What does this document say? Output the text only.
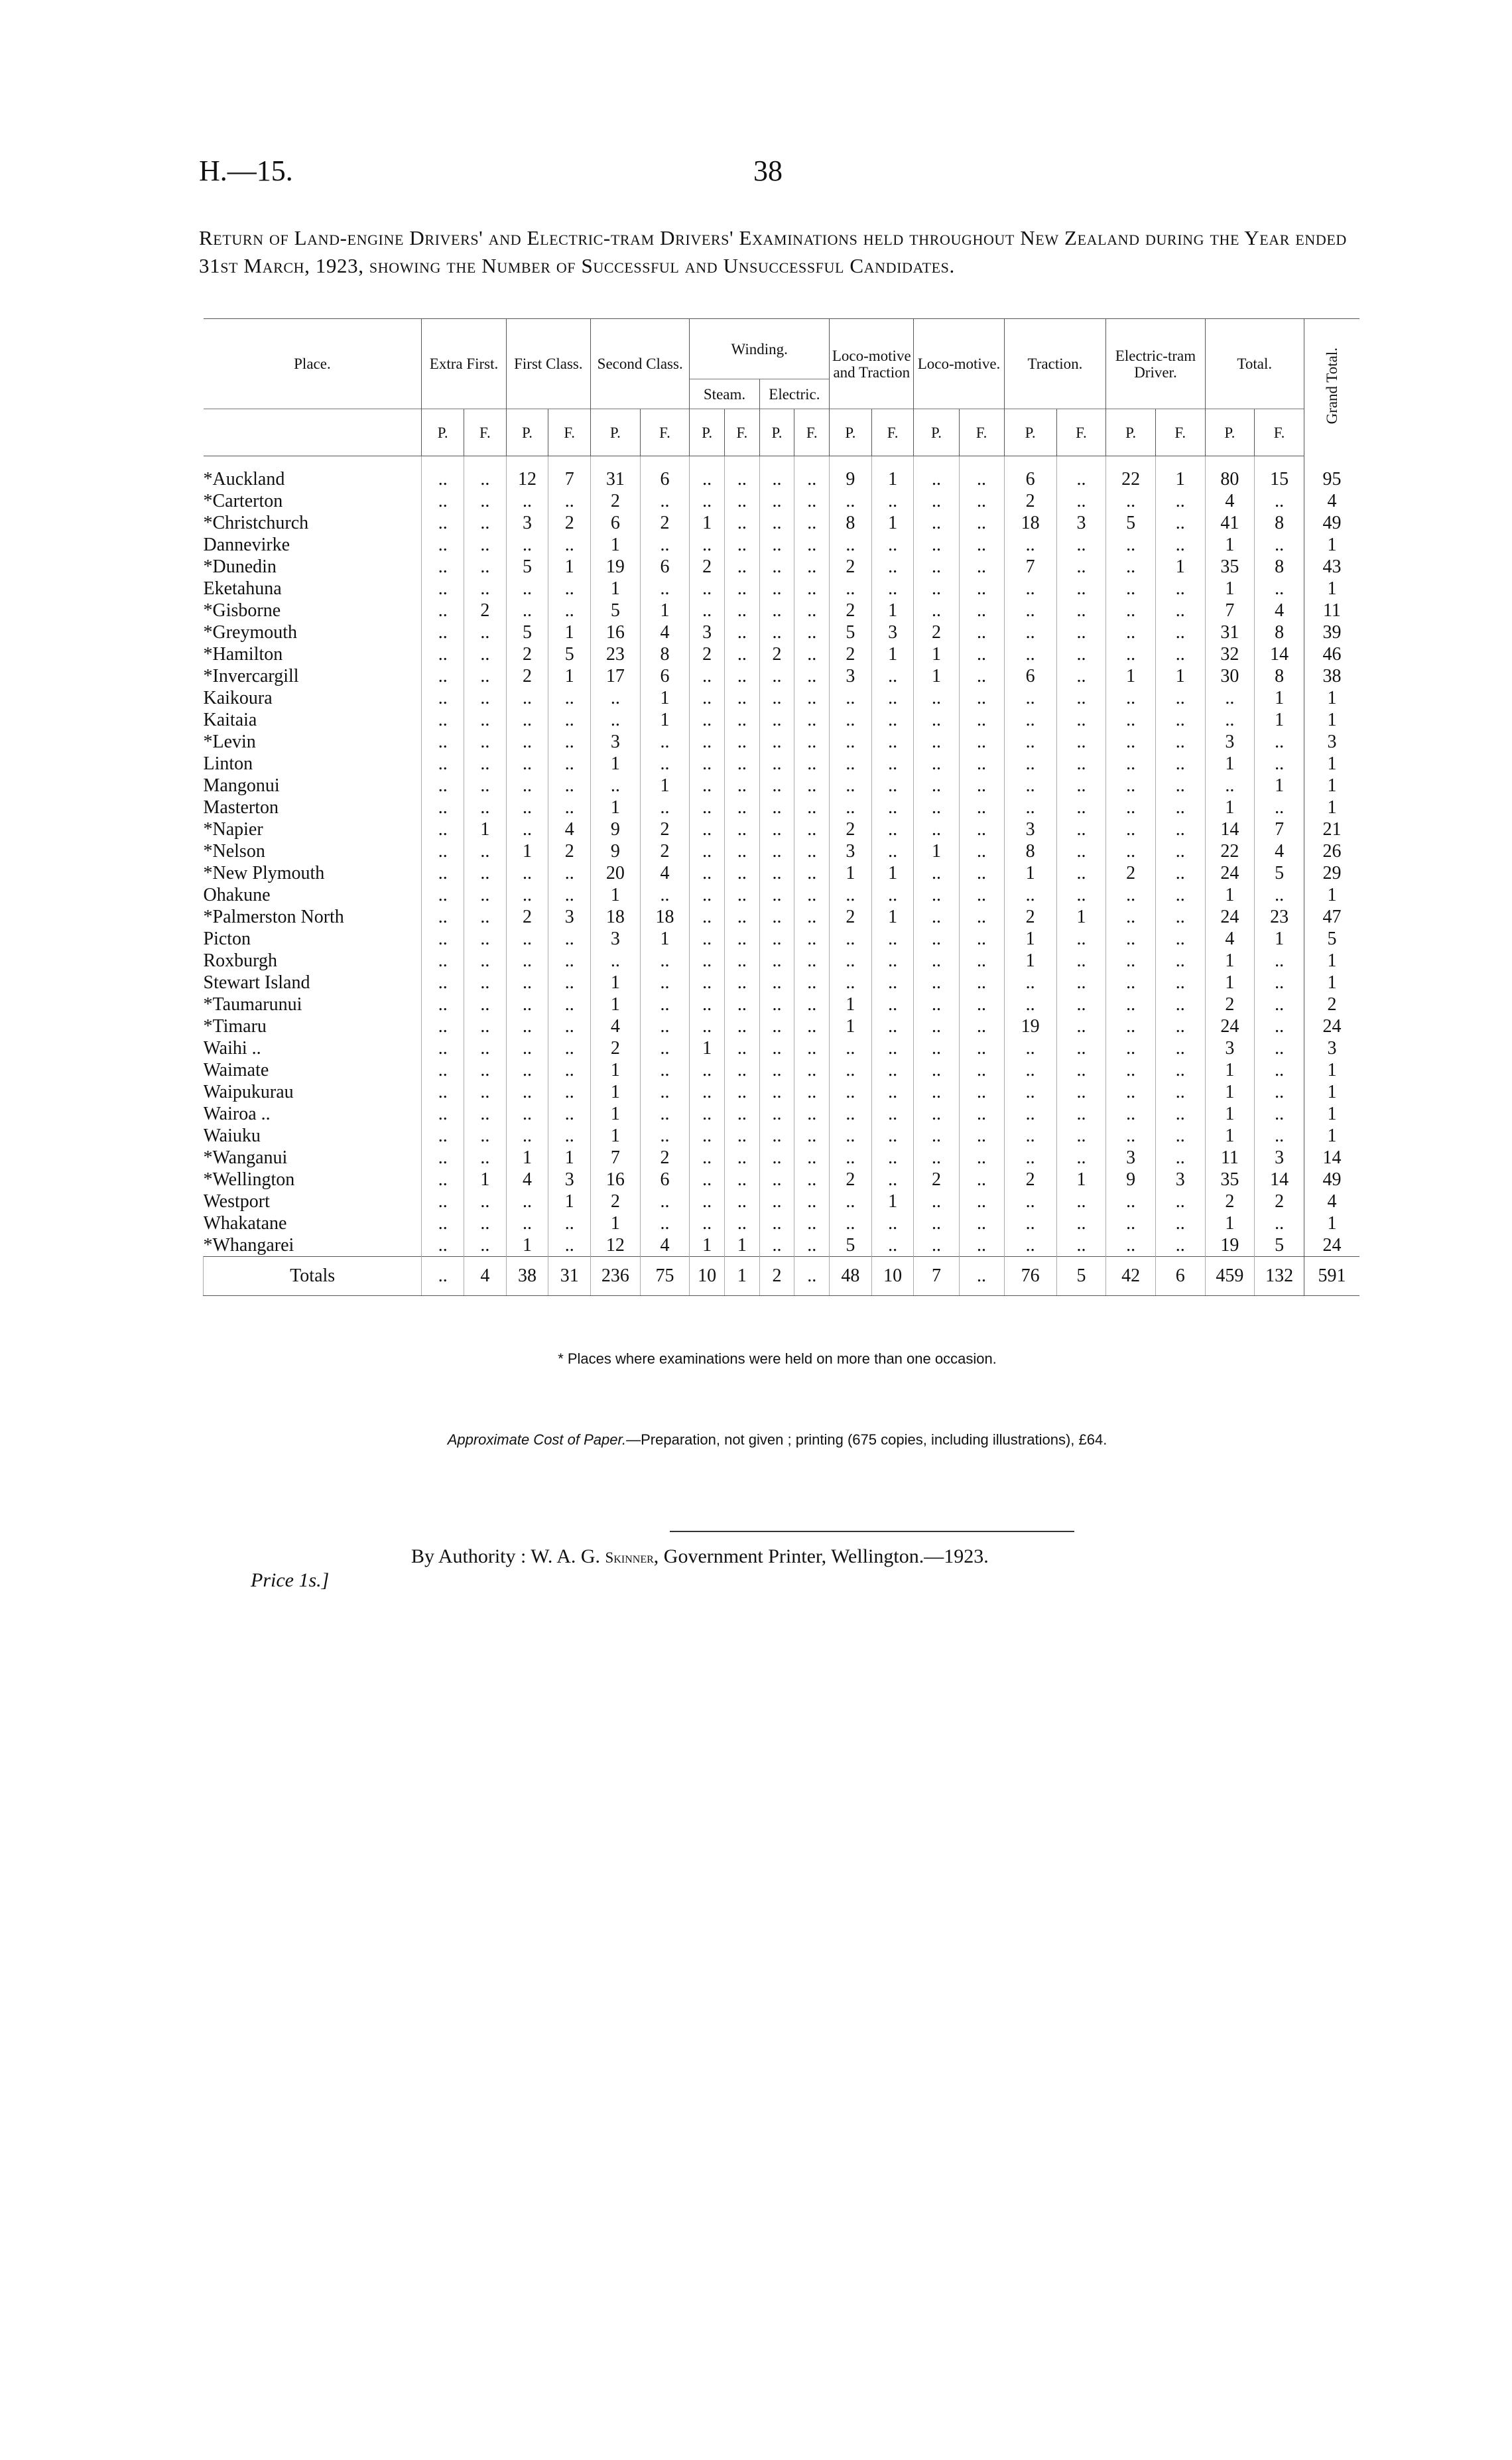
H.—15.	38
Return of Land-engine Drivers' and Electric-tram Drivers' Examinations held throughout New Zealand during the Year ended 31st March, 1923, showing the Number of Successful and Unsuccessful Candidates.
Place.	Extra First.		First Class.		Second Class.		Winding.				Loco-motive and Traction		Loco-motive.		Traction.		Electric-tram Driver.		Total.		Grand Total.
							Steam.		Electric.												
	P.	F.	P.	F.	P.	F.	P.	F.	P.	F.	P.	F.	P.	F.	P.	F.	P.	F.	P.	F.	
*Auckland	..	..	12	7	31	6	..	..	..	..	9	1	..	..	6	..	22	1	80	15	95
*Carterton	..	..	..	..	2	..	..	..	..	..	..	..	..	..	2	..	..	..	4	..	4
*Christchurch	..	..	3	2	6	2	1	..	..	..	8	1	..	..	18	3	5	..	41	8	49
Dannevirke	..	..	..	..	1	..	..	..	..	..	..	..	..	..	..	..	..	..	1	..	1
*Dunedin	..	..	5	1	19	6	2	..	..	..	2	..	..	..	7	..	..	1	35	8	43
Eketahuna	..	..	..	..	1	..	..	..	..	..	..	..	..	..	..	..	..	..	1	..	1
*Gisborne	..	2	..	..	5	1	..	..	..	..	2	1	..	..	..	..	..	..	7	4	11
*Greymouth	..	..	5	1	16	4	3	..	..	..	5	3	2	..	..	..	..	..	31	8	39
*Hamilton	..	..	2	5	23	8	2	..	2	..	2	1	1	..	..	..	..	..	32	14	46
*Invercargill	..	..	2	1	17	6	..	..	..	..	3	..	1	..	6	..	1	1	30	8	38
Kaikoura	..	..	..	..	..	1	..	..	..	..	..	..	..	..	..	..	..	..	..	1	1
Kaitaia	..	..	..	..	..	1	..	..	..	..	..	..	..	..	..	..	..	..	..	1	1
*Levin	..	..	..	..	3	..	..	..	..	..	..	..	..	..	..	..	..	..	3	..	3
Linton	..	..	..	..	1	..	..	..	..	..	..	..	..	..	..	..	..	..	1	..	1
Mangonui	..	..	..	..	..	1	..	..	..	..	..	..	..	..	..	..	..	..	..	1	1
Masterton	..	..	..	..	1	..	..	..	..	..	..	..	..	..	..	..	..	..	1	..	1
*Napier	..	1	..	4	9	2	..	..	..	..	2	..	..	..	3	..	..	..	14	7	21
*Nelson	..	..	1	2	9	2	..	..	..	..	3	..	1	..	8	..	..	..	22	4	26
*New Plymouth	..	..	..	..	20	4	..	..	..	..	1	1	..	..	1	..	2	..	24	5	29
Ohakune	..	..	..	..	1	..	..	..	..	..	..	..	..	..	..	..	..	..	1	..	1
*Palmerston North	..	..	2	3	18	18	..	..	..	..	2	1	..	..	2	1	..	..	24	23	47
Picton	..	..	..	..	3	1	..	..	..	..	..	..	..	..	1	..	..	..	4	1	5
Roxburgh	..	..	..	..	..	..	..	..	..	..	..	..	..	..	1	..	..	..	1	..	1
Stewart Island	..	..	..	..	1	..	..	..	..	..	..	..	..	..	..	..	..	..	1	..	1
*Taumarunui	..	..	..	..	1	..	..	..	..	..	1	..	..	..	..	..	..	..	2	..	2
*Timaru	..	..	..	..	4	..	..	..	..	..	1	..	..	..	19	..	..	..	24	..	24
Waihi ..	..	..	..	..	2	..	1	..	..	..	..	..	..	..	..	..	..	..	3	..	3
Waimate	..	..	..	..	1	..	..	..	..	..	..	..	..	..	..	..	..	..	1	..	1
Waipukurau	..	..	..	..	1	..	..	..	..	..	..	..	..	..	..	..	..	..	1	..	1
Wairoa ..	..	..	..	..	1	..	..	..	..	..	..	..	..	..	..	..	..	..	1	..	1
Waiuku	..	..	..	..	1	..	..	..	..	..	..	..	..	..	..	..	..	..	1	..	1
*Wanganui	..	..	1	1	7	2	..	..	..	..	..	..	..	..	..	..	3	..	11	3	14
*Wellington	..	1	4	3	16	6	..	..	..	..	2	..	2	..	2	1	9	3	35	14	49
Westport	..	..	..	1	2	..	..	..	..	..	..	1	..	..	..	..	..	..	2	2	4
Whakatane	..	..	..	..	1	..	..	..	..	..	..	..	..	..	..	..	..	..	1	..	1
*Whangarei	..	..	1	..	12	4	1	1	..	..	5	..	..	..	..	..	..	..	19	5	24
Totals	..	4	38	31	236	75	10	1	2	..	48	10	7	..	76	5	42	6	459	132	591
* Places where examinations were held on more than one occasion.
Approximate Cost of Paper.—Preparation, not given ; printing (675 copies, including illustrations), £64.
By Authority : W. A. G. Skinner, Government Printer, Wellington.—1923.
Price 1s.]
